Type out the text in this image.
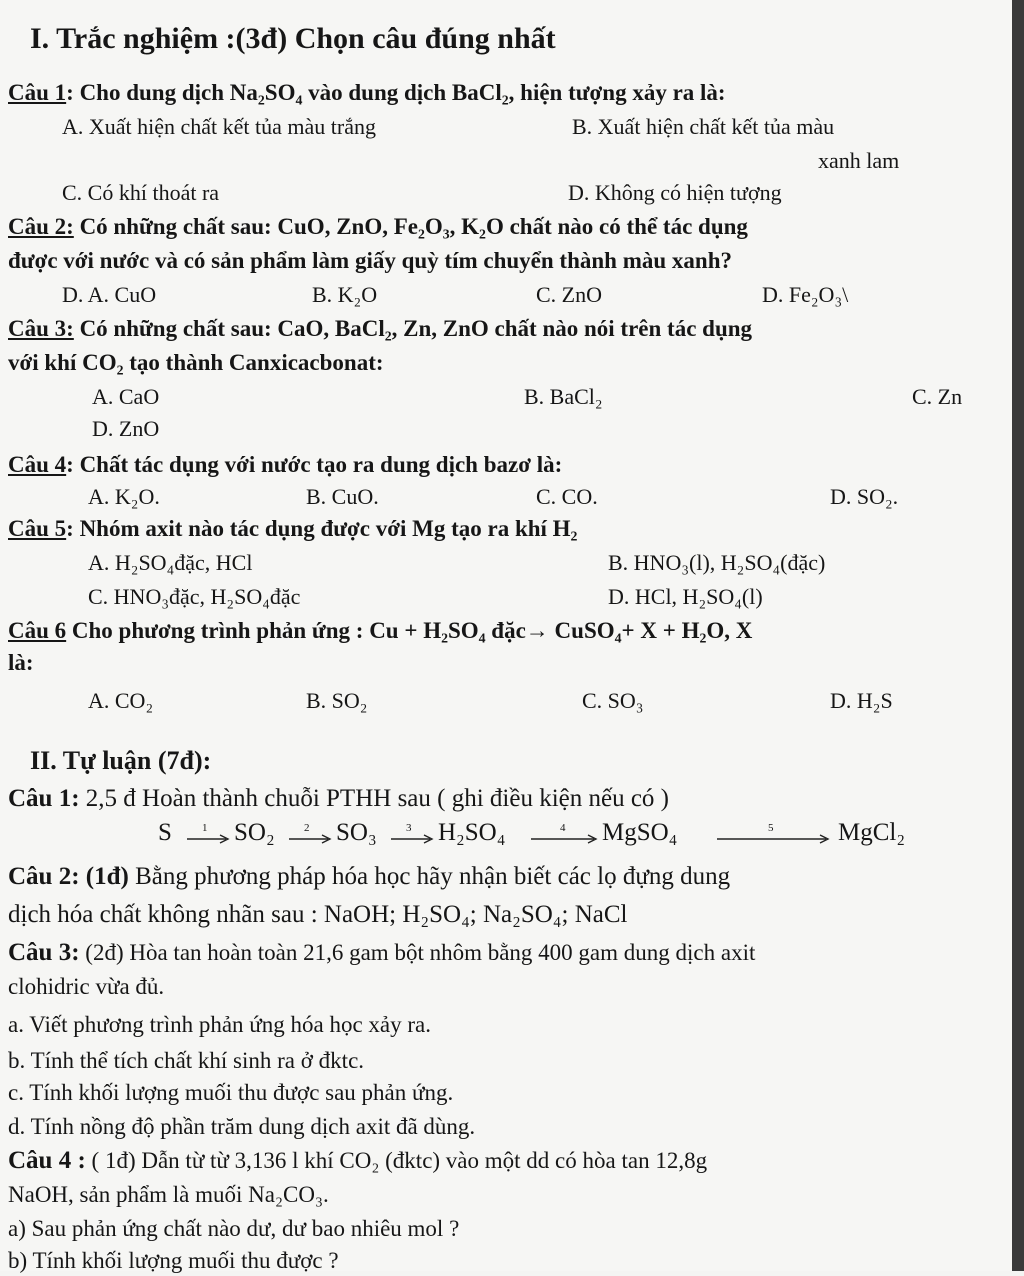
I. Trắc nghiệm :(3đ) Chọn câu đúng nhất
Câu 1: Cho dung dịch Na₂SO₄ vào dung dịch BaCl₂, hiện tượng xảy ra là:
A. Xuất hiện chất kết tủa màu trắng	B. Xuất hiện chất kết tủa màu
xanh lam
C. Có khí thoát ra	D. Không có hiện tượng
Câu 2: Có những chất sau: CuO, ZnO, Fe₂O₃, K₂O chất nào có thể tác dụng
được với nước và có sản phẩm làm giấy quỳ tím chuyển thành màu xanh?
D. A. CuO	B. K₂O	C. ZnO	D. Fe₂O₃\
Câu 3: Có những chất sau: CaO, BaCl₂, Zn, ZnO chất nào nói trên tác dụng
với khí CO₂ tạo thành Canxicacbonat:
A. CaO	B. BaCl₂	C. Zn
D. ZnO
Câu 4: Chất tác dụng với nước tạo ra dung dịch bazơ là:
A. K₂O.	B. CuO.	C. CO.	D. SO₂.
Câu 5: Nhóm axit nào tác dụng được với Mg tạo ra khí H₂
A. H₂SO₄đặc, HCl	B. HNO₃(l), H₂SO₄(đặc)
C. HNO₃đặc, H₂SO₄đặc	D. HCl, H₂SO₄(l)
Câu 6 Cho phương trình phản ứng : Cu + H₂SO₄ đặc→ CuSO₄+ X + H₂O, X
là:
A. CO₂	B. SO₂	C. SO₃	D. H₂S
II. Tự luận (7đ):
Câu 1: 2,5 đ Hoàn thành chuỗi PTHH sau ( ghi điều kiện nếu có )
S	1 SO₂	2 SO₃	3 H₂SO₄	4 MgSO₄	5	MgCl₂
Câu 2: (1đ) Bằng phương pháp hóa học hãy nhận biết các lọ đựng dung
dịch hóa chất không nhãn sau : NaOH; H₂SO₄; Na₂SO₄; NaCl
Câu 3: (2đ) Hòa tan hoàn toàn 21,6 gam bột nhôm bằng 400 gam dung dịch axit
clohidric vừa đủ.
a. Viết phương trình phản ứng hóa học xảy ra.
b. Tính thể tích chất khí sinh ra ở đktc.
c. Tính khối lượng muối thu được sau phản ứng.
d. Tính nồng độ phần trăm dung dịch axit đã dùng.
Câu 4 : ( 1đ) Dẫn từ từ 3,136 l khí CO₂ (đktc) vào một dd có hòa tan 12,8g
NaOH, sản phẩm là muối Na₂CO₃.
a) Sau phản ứng chất nào dư, dư bao nhiêu mol ?
b) Tính khối lượng muối thu được ?
